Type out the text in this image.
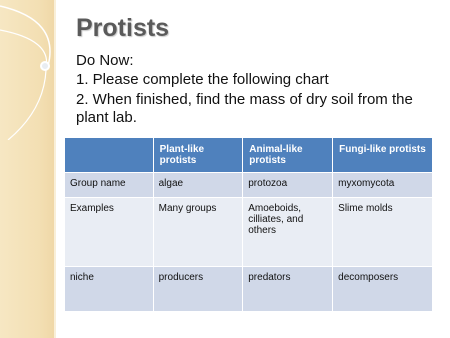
Protists
Do Now:
1. Please complete the following chart
2. When finished, find the mass of dry soil from the plant lab.
	Plant-like protists	Animal-like protists	Fungi-like protists
Group name	algae	protozoa	myxomycota
Examples	Many groups	Amoeboids, cilliates, and others	Slime molds
niche	producers	predators	decomposers
